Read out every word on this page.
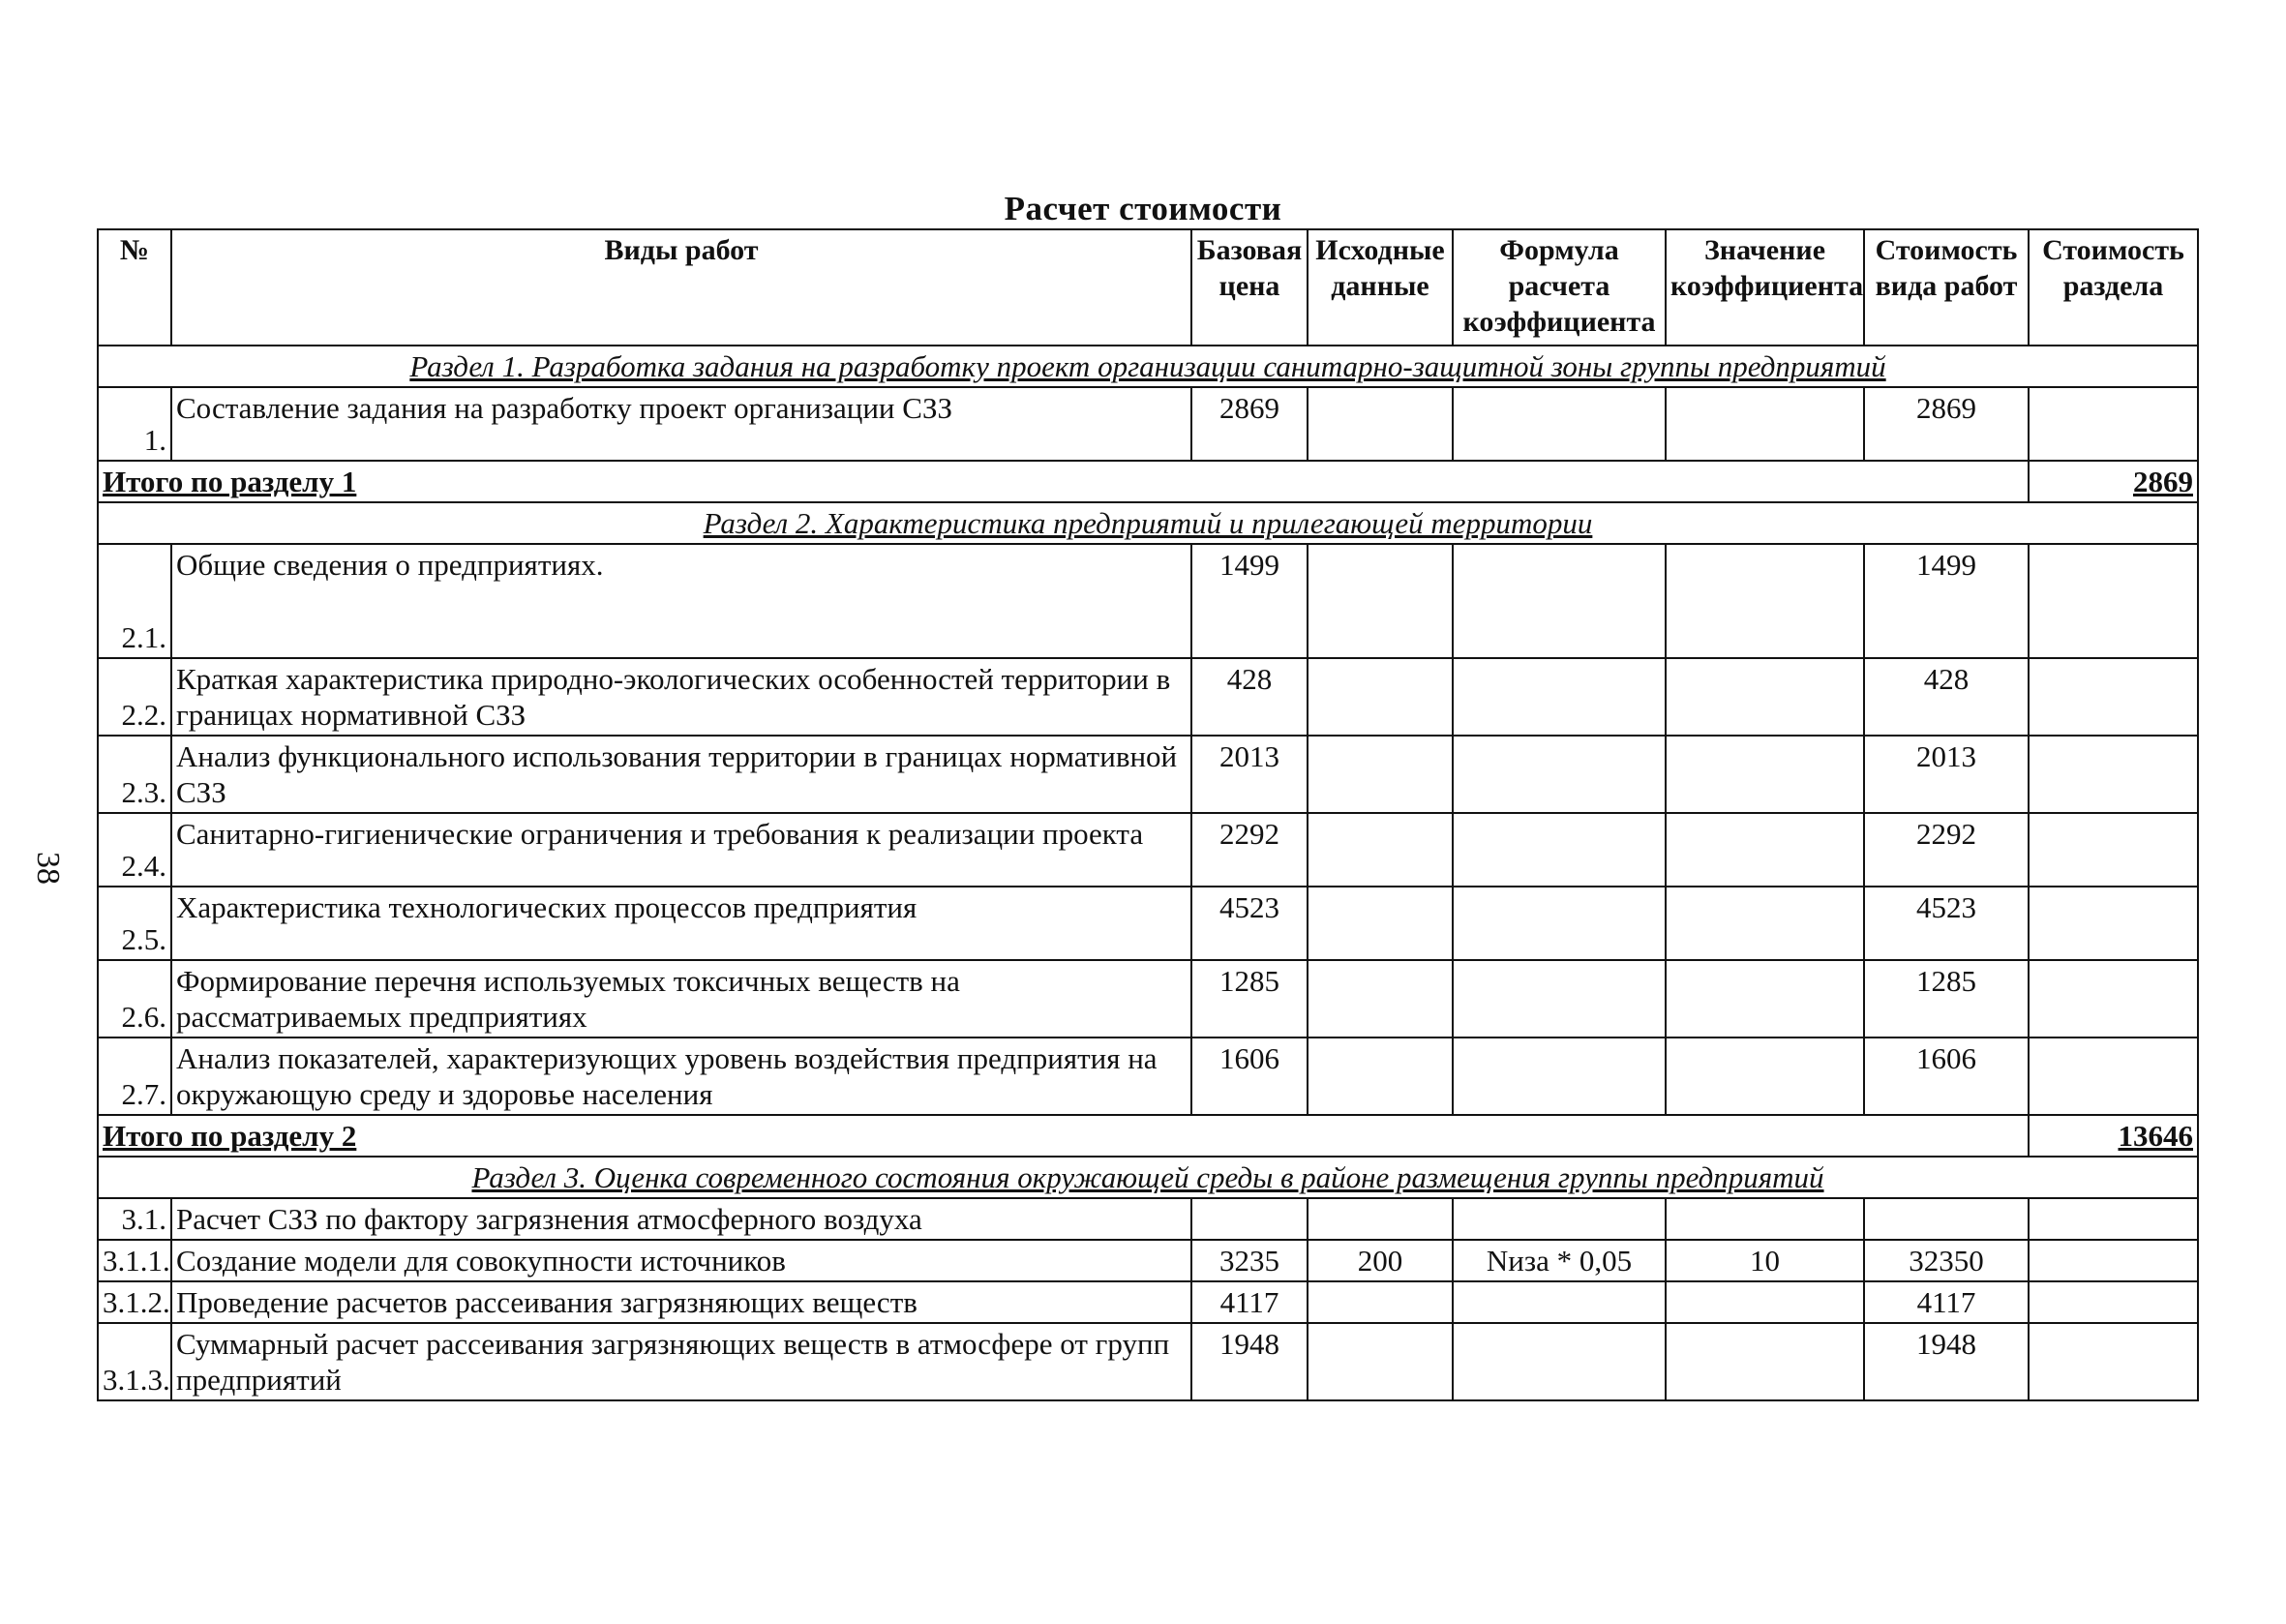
Расчет стоимости
38
№	Виды работ	Базовая цена	Исходные данные	Формула расчета коэффициента	Значение коэффициента	Стоимость вида работ	Стоимость раздела
Раздел 1. Разработка задания на разработку проект организации санитарно-защитной зоны группы предприятий							
1.	Составление задания на разработку проект организации СЗЗ	2869				2869	
Итого по разделу 1							2869
Раздел 2. Характеристика предприятий и прилегающей территории							
2.1.	Общие сведения о предприятиях.	1499				1499	
2.2.	Краткая характеристика природно-экологических особенностей территории в границах нормативной СЗЗ	428				428	
2.3.	Анализ функционального использования территории в границах нормативной СЗЗ	2013				2013	
2.4.	Санитарно-гигиенические ограничения и требования к реализации проекта	2292				2292	
2.5.	Характеристика технологических процессов предприятия	4523				4523	
2.6.	Формирование перечня используемых токсичных веществ на рассматриваемых предприятиях	1285				1285	
2.7.	Анализ показателей, характеризующих уровень воздействия предприятия на окружающую среду и здоровье населения	1606				1606	
Итого по разделу 2							13646
Раздел 3. Оценка современного состояния окружающей среды в районе размещения группы предприятий							
3.1.	Расчет СЗЗ по фактору загрязнения атмосферного воздуха						
3.1.1.	Создание модели для совокупности источников	3235	200	Nиза * 0,05	10	32350	
3.1.2.	Проведение расчетов рассеивания загрязняющих веществ	4117				4117	
3.1.3.	Суммарный расчет рассеивания загрязняющих веществ в атмосфере от групп предприятий	1948				1948	
